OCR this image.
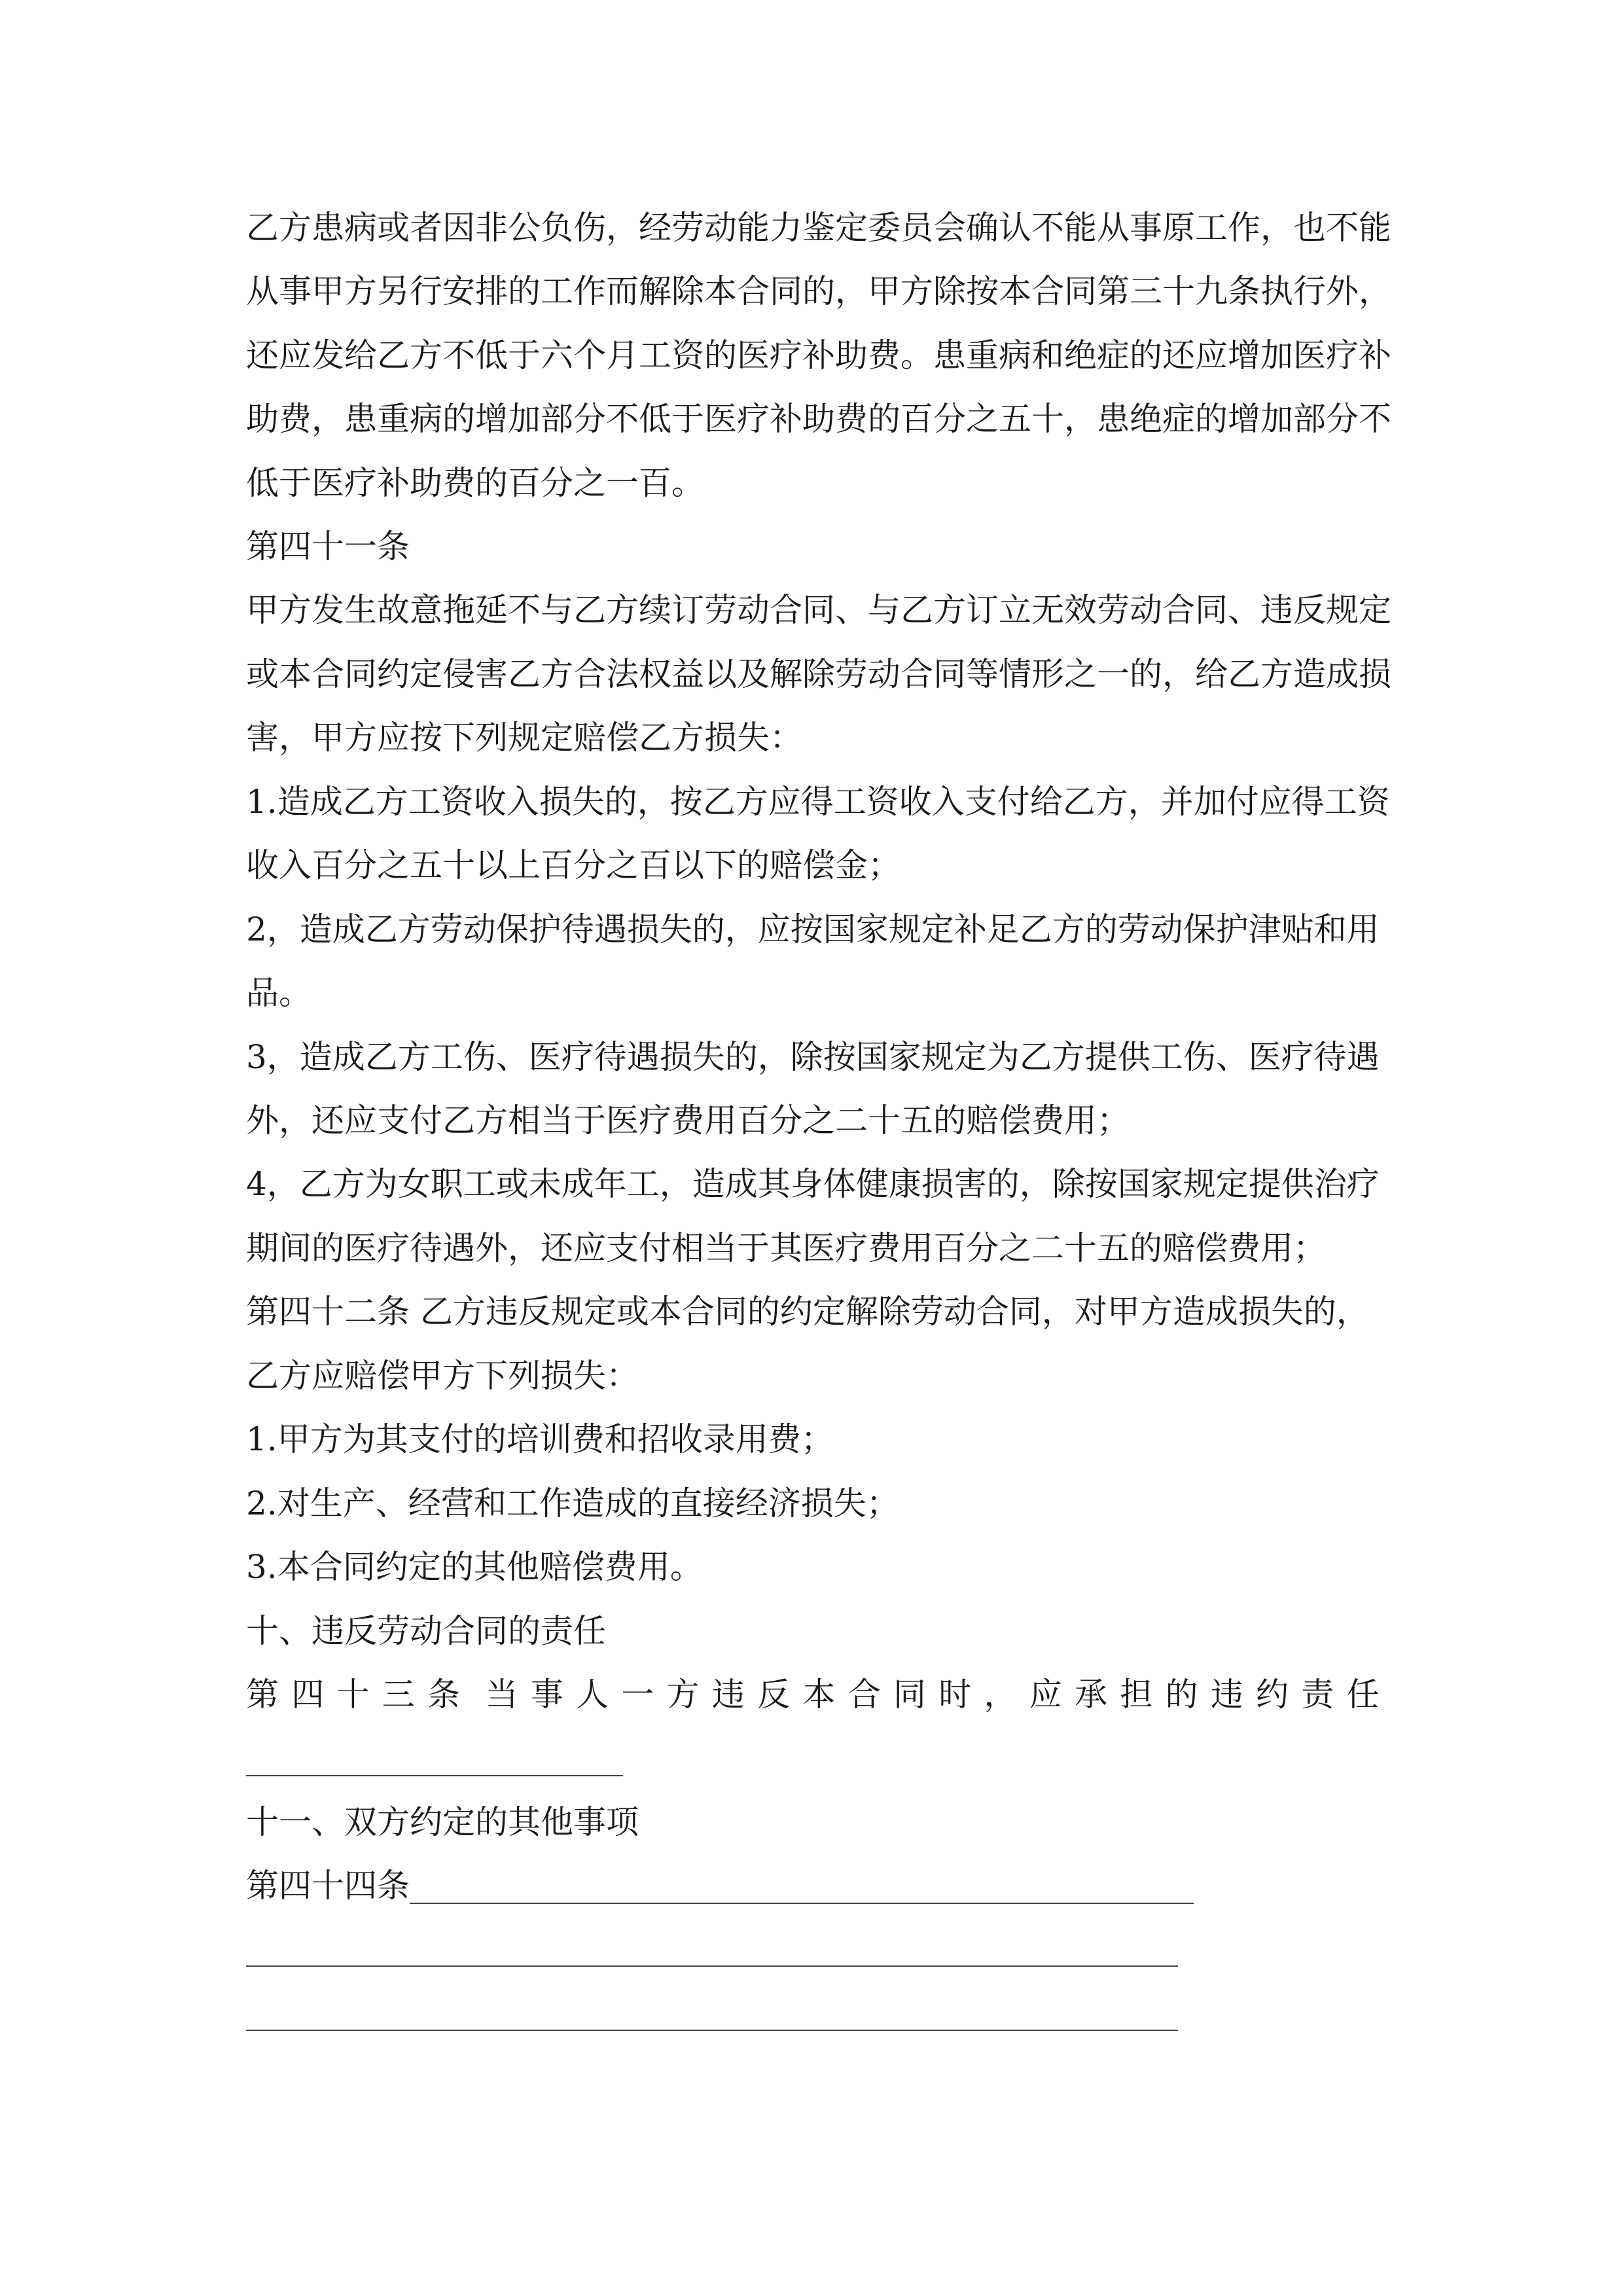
乙方患病或者因非公负伤，经劳动能力鉴定委员会确认不能从事原工作，也不能
从事甲方另行安排的工作而解除本合同的，甲方除按本合同第三十九条执行外，
还应发给乙方不低于六个月工资的医疗补助费。患重病和绝症的还应增加医疗补
助费，患重病的增加部分不低于医疗补助费的百分之五十，患绝症的增加部分不
低于医疗补助费的百分之一百。
第四十一条
甲方发生故意拖延不与乙方续订劳动合同、与乙方订立无效劳动合同、违反规定
或本合同约定侵害乙方合法权益以及解除劳动合同等情形之一的，给乙方造成损
害，甲方应按下列规定赔偿乙方损失：
1.造成乙方工资收入损失的，按乙方应得工资收入支付给乙方，并加付应得工资
收入百分之五十以上百分之百以下的赔偿金；
2，造成乙方劳动保护待遇损失的，应按国家规定补足乙方的劳动保护津贴和用
品。
3，造成乙方工伤、医疗待遇损失的，除按国家规定为乙方提供工伤、医疗待遇
外，还应支付乙方相当于医疗费用百分之二十五的赔偿费用；
4，乙方为女职工或未成年工，造成其身体健康损害的，除按国家规定提供治疗
期间的医疗待遇外，还应支付相当于其医疗费用百分之二十五的赔偿费用；
第四十二条 乙方违反规定或本合同的约定解除劳动合同，对甲方造成损失的，
乙方应赔偿甲方下列损失：
1.甲方为其支付的培训费和招收录用费；
2.对生产、经营和工作造成的直接经济损失；
3.本合同约定的其他赔偿费用。
十、违反劳动合同的责任
第 四 十 三 条 当 事 人 一 方 违 反 本 合 同 时 ， 应 承 担 的 违 约 责 任
十一、双方约定的其他事项
第四十四条
